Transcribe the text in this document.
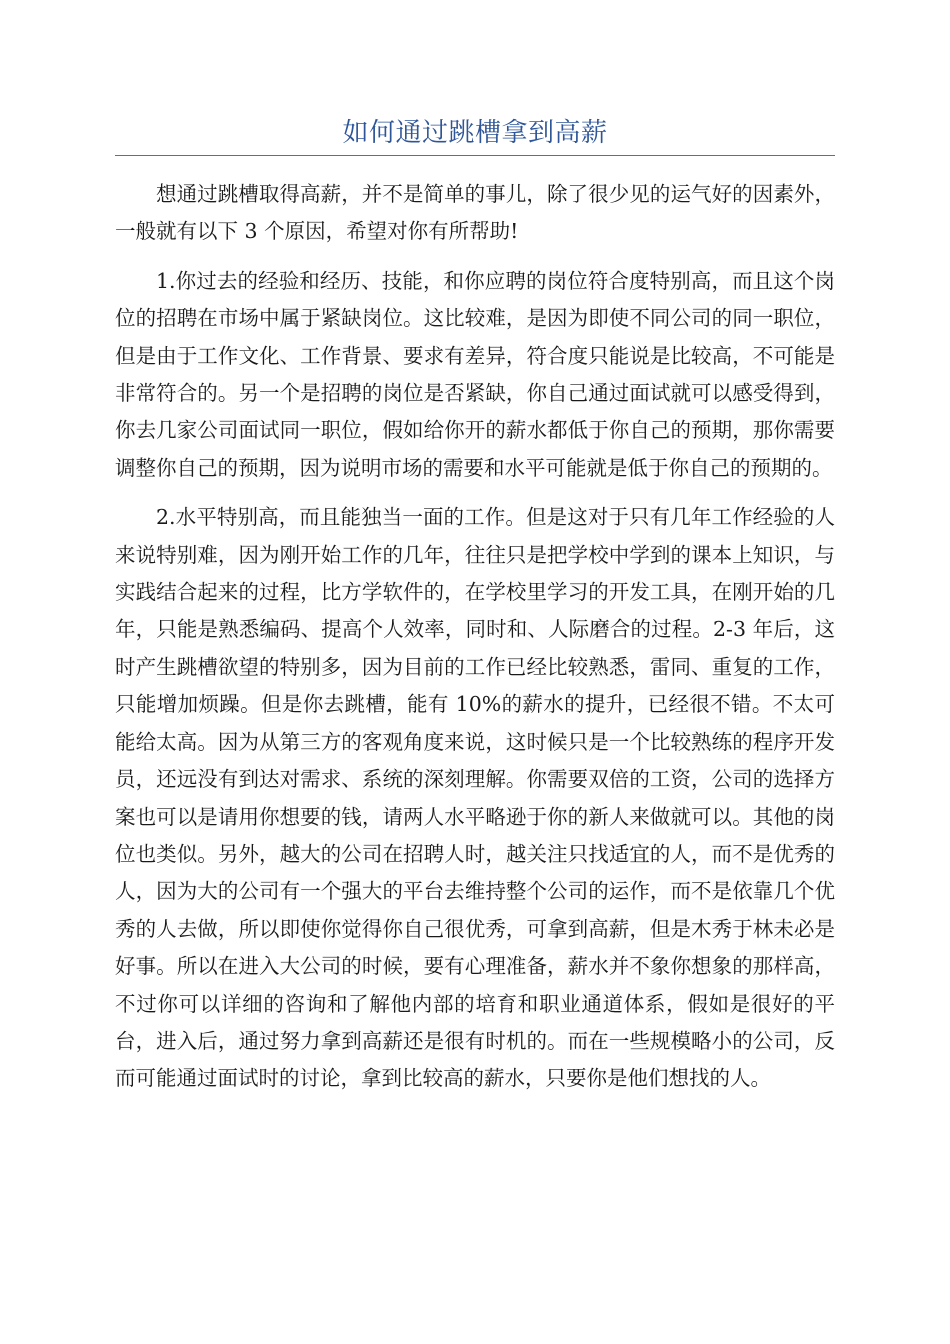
如何通过跳槽拿到高薪

想通过跳槽取得高薪，并不是简单的事儿，除了很少见的运气好的因素外，一般就有以下 3 个原因，希望对你有所帮助!

1.你过去的经验和经历、技能，和你应聘的岗位符合度特别高，而且这个岗位的招聘在市场中属于紧缺岗位。这比较难，是因为即使不同公司的同一职位，但是由于工作文化、工作背景、要求有差异，符合度只能说是比较高，不可能是非常符合的。另一个是招聘的岗位是否紧缺，你自己通过面试就可以感受得到，你去几家公司面试同一职位，假如给你开的薪水都低于你自己的预期，那你需要调整你自己的预期，因为说明市场的需要和水平可能就是低于你自己的预期的。

2.水平特别高，而且能独当一面的工作。但是这对于只有几年工作经验的人来说特别难，因为刚开始工作的几年，往往只是把学校中学到的课本上知识，与实践结合起来的过程，比方学软件的，在学校里学习的开发工具，在刚开始的几年，只能是熟悉编码、提高个人效率，同时和、人际磨合的过程。2-3 年后，这时产生跳槽欲望的特别多，因为目前的工作已经比较熟悉，雷同、重复的工作，只能增加烦躁。但是你去跳槽，能有 10%的薪水的提升，已经很不错。不太可能给太高。因为从第三方的客观角度来说，这时候只是一个比较熟练的程序开发员，还远没有到达对需求、系统的深刻理解。你需要双倍的工资，公司的选择方案也可以是请用你想要的钱，请两人水平略逊于你的新人来做就可以。其他的岗位也类似。另外，越大的公司在招聘人时，越关注只找适宜的人，而不是优秀的人，因为大的公司有一个强大的平台去维持整个公司的运作，而不是依靠几个优秀的人去做，所以即使你觉得你自己很优秀，可拿到高薪，但是木秀于林未必是好事。所以在进入大公司的时候，要有心理准备，薪水并不象你想象的那样高，不过你可以详细的咨询和了解他内部的培育和职业通道体系，假如是很好的平台，进入后，通过努力拿到高薪还是很有时机的。而在一些规模略小的公司，反而可能通过面试时的讨论，拿到比较高的薪水，只要你是他们想找的人。
